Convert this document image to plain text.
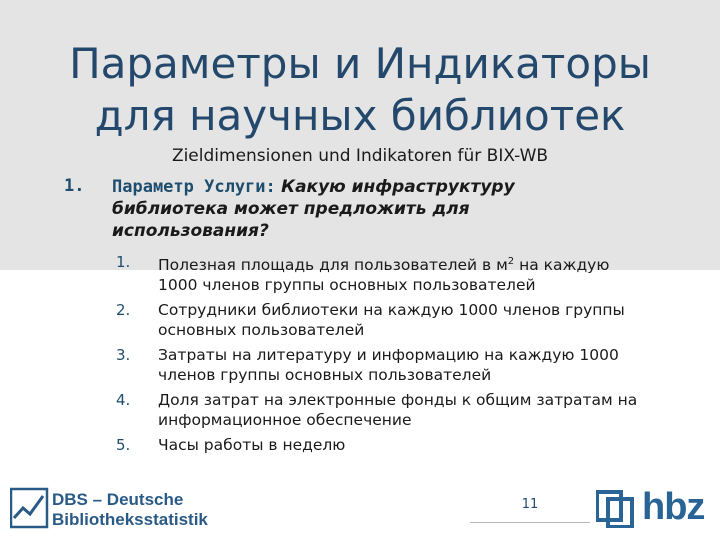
Параметры и Индикаторы
для научных библиотек
Zieldimensionen und Indikatoren für BIX-WB
1. Параметр Услуги: Какую инфраструктуру библиотека может предложить для использования?
1. Полезная площадь для пользователей в $м^2$ на каждую 1000 членов группы основных пользователей
2. Сотрудники библиотеки на каждую 1000 членов группы основных пользователей
3. Затраты на литературу и информацию на каждую 1000 членов группы основных пользователей
4. Доля затрат на электронные фонды к общим затратам на информационное обеспечение
5. Часы работы в неделю
DBS – Deutsche
Bibliotheksstatistik
11	hbz
